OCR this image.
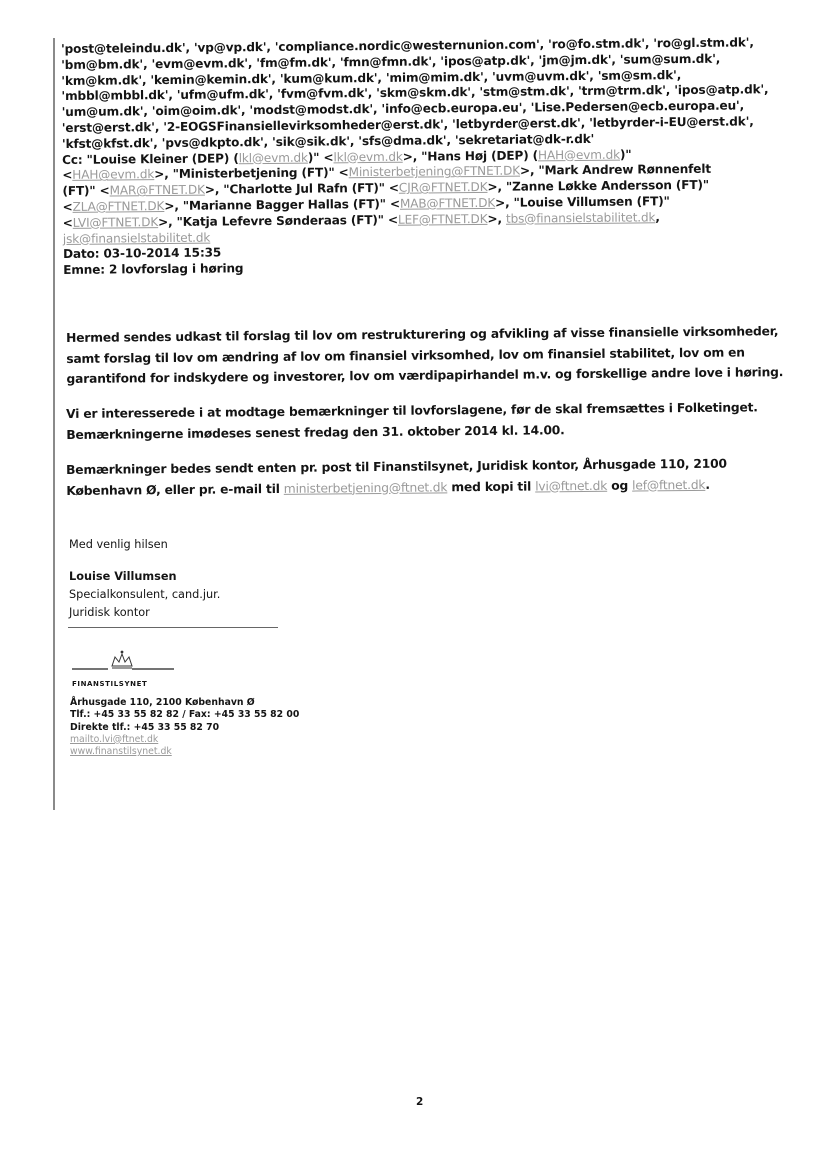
'post@teleindu.dk', 'vp@vp.dk', 'compliance.nordic@westernunion.com', 'ro@fo.stm.dk', 'ro@gl.stm.dk',
'bm@bm.dk', 'evm@evm.dk', 'fm@fm.dk', 'fmn@fmn.dk', 'ipos@atp.dk', 'jm@jm.dk', 'sum@sum.dk',
'km@km.dk', 'kemin@kemin.dk', 'kum@kum.dk', 'mim@mim.dk', 'uvm@uvm.dk', 'sm@sm.dk',
'mbbl@mbbl.dk', 'ufm@ufm.dk', 'fvm@fvm.dk', 'skm@skm.dk', 'stm@stm.dk', 'trm@trm.dk', 'ipos@atp.dk',
'um@um.dk', 'oim@oim.dk', 'modst@modst.dk', 'info@ecb.europa.eu', 'Lise.Pedersen@ecb.europa.eu',
'erst@erst.dk', '2-EOGSFinansiellevirksomheder@erst.dk', 'letbyrder@erst.dk', 'letbyrder-i-EU@erst.dk',
'kfst@kfst.dk', 'pvs@dkpto.dk', 'sik@sik.dk', 'sfs@dma.dk', 'sekretariat@dk-r.dk'
Cc: "Louise Kleiner (DEP) (lkl@evm.dk)" <lkl@evm.dk>, "Hans Høj (DEP) (HAH@evm.dk)"
<HAH@evm.dk>, "Ministerbetjening (FT)" <Ministerbetjening@FTNET.DK>, "Mark Andrew Rønnenfelt
(FT)" <MAR@FTNET.DK>, "Charlotte Jul Rafn (FT)" <CJR@FTNET.DK>, "Zanne Løkke Andersson (FT)"
<ZLA@FTNET.DK>, "Marianne Bagger Hallas (FT)" <MAB@FTNET.DK>, "Louise Villumsen (FT)"
<LVI@FTNET.DK>, "Katja Lefevre Sønderaas (FT)" <LEF@FTNET.DK>, tbs@finansielstabilitet.dk,
jsk@finansielstabilitet.dk
Dato: 03-10-2014 15:35
Emne: 2 lovforslag i høring
Hermed sendes udkast til forslag til lov om restrukturering og afvikling af visse finansielle virksomheder,
samt forslag til lov om ændring af lov om finansiel virksomhed, lov om finansiel stabilitet, lov om en
garantifond for indskydere og investorer, lov om værdipapirhandel m.v. og forskellige andre love i høring.
Vi er interesserede i at modtage bemærkninger til lovforslagene, før de skal fremsættes i Folketinget.
Bemærkningerne imødeses senest fredag den 31. oktober 2014 kl. 14.00.
Bemærkninger bedes sendt enten pr. post til Finanstilsynet, Juridisk kontor, Århusgade 110, 2100
København Ø, eller pr. e-mail til ministerbetjening@ftnet.dk med kopi til lvi@ftnet.dk og lef@ftnet.dk.
Med venlig hilsen
Louise Villumsen
Specialkonsulent, cand.jur.
Juridisk kontor
FINANSTILSYNET
Århusgade 110, 2100 København Ø
Tlf.: +45 33 55 82 82 / Fax: +45 33 55 82 00
Direkte tlf.: +45 33 55 82 70
mailto.lvi@ftnet.dk
www.finanstilsynet.dk
2
